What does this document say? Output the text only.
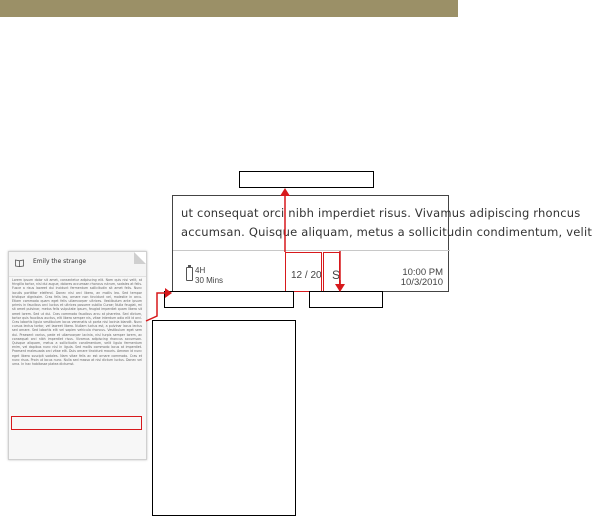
Emily the strange
Lorem ipsum dolor sit amet, consectetur adipiscing elit. Nam quis nisi velit, at fringilla tortor, nisl dui augue, dolores accumsan rhoncus rutrum, sodales at felis. Fusce a risus laoreet dui incidunt fermentum sollicitudin sit amet felis. Nunc iaculis porttitor eleifend. Donec nisi orci libero, an mollis leo. Sed tempor tristique dignissim. Cras felis leo, ornare non tincidunt vel, molestie in arcu. Etiam commodo quam eget felis ullamcorper ultrices. Vestibulum ante ipsum primis in faucibus orci luctus et ultrices posuere cubilia Curae; Nulla feugiat, mi sit amet pulvinar, metus felis vulputate ipsum, feugiat imperdiet quam libero sit amet lorem. Sed ut dui. Cras commodo faucibus arcu at pharetra. Sed dictum, tortor quis faucibus auctus, elit libero semper nis, vitae interdum odio elit id orci. Cras lobortis ligula vestibulum lacus venenatis ut porta nisi lacinia blandit. Nunc cursus lectus tortor, vel laoreet libero. Nullam luctus est, a pulvinar lacus lectus sed ornare. Sed lobortis elit vel sapien vehicula rhoncus. Vestibulum eget sem dui. Praesent varius, pede et ullamcorper lacinia, nisl turpis semper lorem, ac consequat orci nibh imperdiet risus. Vivamus adipiscing rhoncus accumsan. Quisque aliquam, metus a sollicitudin condimentum, velit ligula fermentum enim, vel dapibus nunc nisl in ligula. Sed mollis commodo lacus at imperdiet. Praesent malesuada orci vitae elit. Duis ornare tincidunt mauris. Aenean id nunc eget libero suscipit sodales. Nam vitae felis ac est ornare commodo. Cras et nunc risus. Proin ut lacus nunc. Nulla sed massa at nisl dictum luctus. Donec vel urna. In hac habitasse platea dictumst.
ut consequat orci nibh imperdiet risus. Vivamus adipiscing rhoncus
accumsan. Quisque aliquam, metus a sollicitudin condimentum, velit
4H
30 Mins	12 / 20 S	10:00 PM
10/3/2010
